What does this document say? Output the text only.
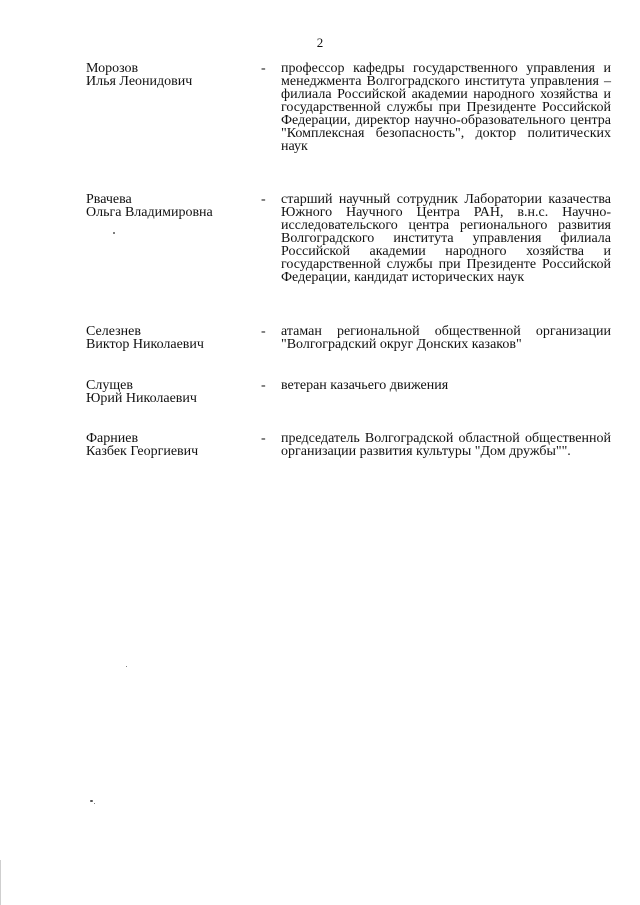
2
Морозов
Илья Леонидович
-	профессор кафедры государственного управления и менеджмента Волгоградского института управления – филиала Российской академии народного хозяйства и государственной службы при Президенте Российской Федерации, директор научно-образовательного центра "Комплексная безопасность", доктор политических наук
Рвачева
Ольга Владимировна
-	старший научный сотрудник Лаборатории казачества Южного Научного Центра РАН, в.н.с. Научно-исследовательского центра регионального развития Волгоградского института управления филиала Российской академии народного хозяйства и государственной службы при Президенте Российской Федерации, кандидат исторических наук
Селезнев
Виктор Николаевич
-	атаман региональной общественной организации "Волгоградский округ Донских казаков"
Слущев
Юрий Николаевич
-	ветеран казачьего движения
Фарниев
Казбек Георгиевич
-	председатель Волгоградской областной общественной организации развития культуры "Дом дружбы"".
